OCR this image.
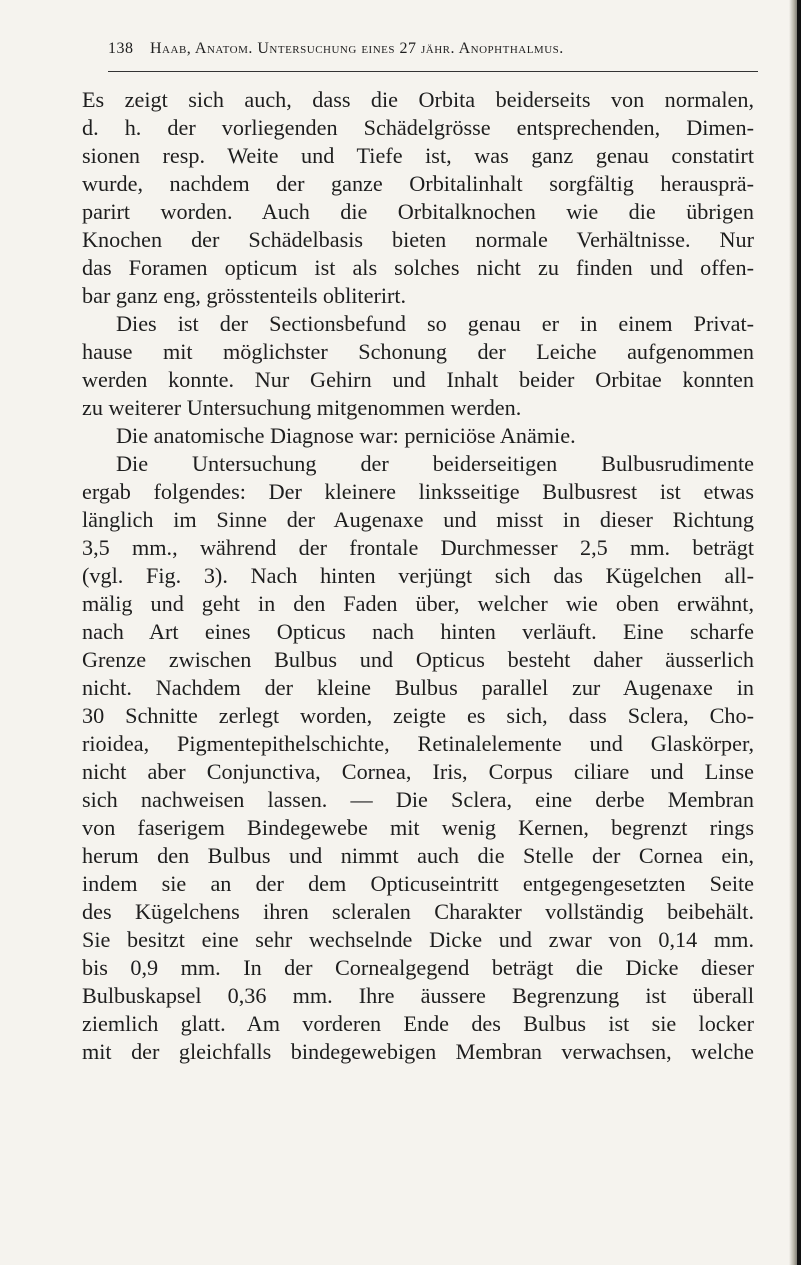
138 Haab, Anatom. Untersuchung eines 27 jähr. Anophthalmus.
Es zeigt sich auch, dass die Orbita beiderseits von normalen,
d. h. der vorliegenden Schädelgrösse entsprechenden, Dimen-
sionen resp. Weite und Tiefe ist, was ganz genau constatirt
wurde, nachdem der ganze Orbitalinhalt sorgfältig herausprä-
parirt worden. Auch die Orbitalknochen wie die übrigen
Knochen der Schädelbasis bieten normale Verhältnisse. Nur
das Foramen opticum ist als solches nicht zu finden und offen-
bar ganz eng, grösstenteils obliterirt.
Dies ist der Sectionsbefund so genau er in einem Privat-
hause mit möglichster Schonung der Leiche aufgenommen
werden konnte. Nur Gehirn und Inhalt beider Orbitae konnten
zu weiterer Untersuchung mitgenommen werden.
Die anatomische Diagnose war: perniciöse Anämie.
Die Untersuchung der beiderseitigen Bulbusrudimente
ergab folgendes: Der kleinere linksseitige Bulbusrest ist etwas
länglich im Sinne der Augenaxe und misst in dieser Richtung
3,5 mm., während der frontale Durchmesser 2,5 mm. beträgt
(vgl. Fig. 3). Nach hinten verjüngt sich das Kügelchen all-
mälig und geht in den Faden über, welcher wie oben erwähnt,
nach Art eines Opticus nach hinten verläuft. Eine scharfe
Grenze zwischen Bulbus und Opticus besteht daher äusserlich
nicht. Nachdem der kleine Bulbus parallel zur Augenaxe in
30 Schnitte zerlegt worden, zeigte es sich, dass Sclera, Cho-
rioidea, Pigmentepithelschichte, Retinalelemente und Glaskörper,
nicht aber Conjunctiva, Cornea, Iris, Corpus ciliare und Linse
sich nachweisen lassen. — Die Sclera, eine derbe Membran
von faserigem Bindegewebe mit wenig Kernen, begrenzt rings
herum den Bulbus und nimmt auch die Stelle der Cornea ein,
indem sie an der dem Opticuseintritt entgegengesetzten Seite
des Kügelchens ihren scleralen Charakter vollständig beibehält.
Sie besitzt eine sehr wechselnde Dicke und zwar von 0,14 mm.
bis 0,9 mm. In der Cornealgegend beträgt die Dicke dieser
Bulbuskapsel 0,36 mm. Ihre äussere Begrenzung ist überall
ziemlich glatt. Am vorderen Ende des Bulbus ist sie locker
mit der gleichfalls bindegewebigen Membran verwachsen, welche
